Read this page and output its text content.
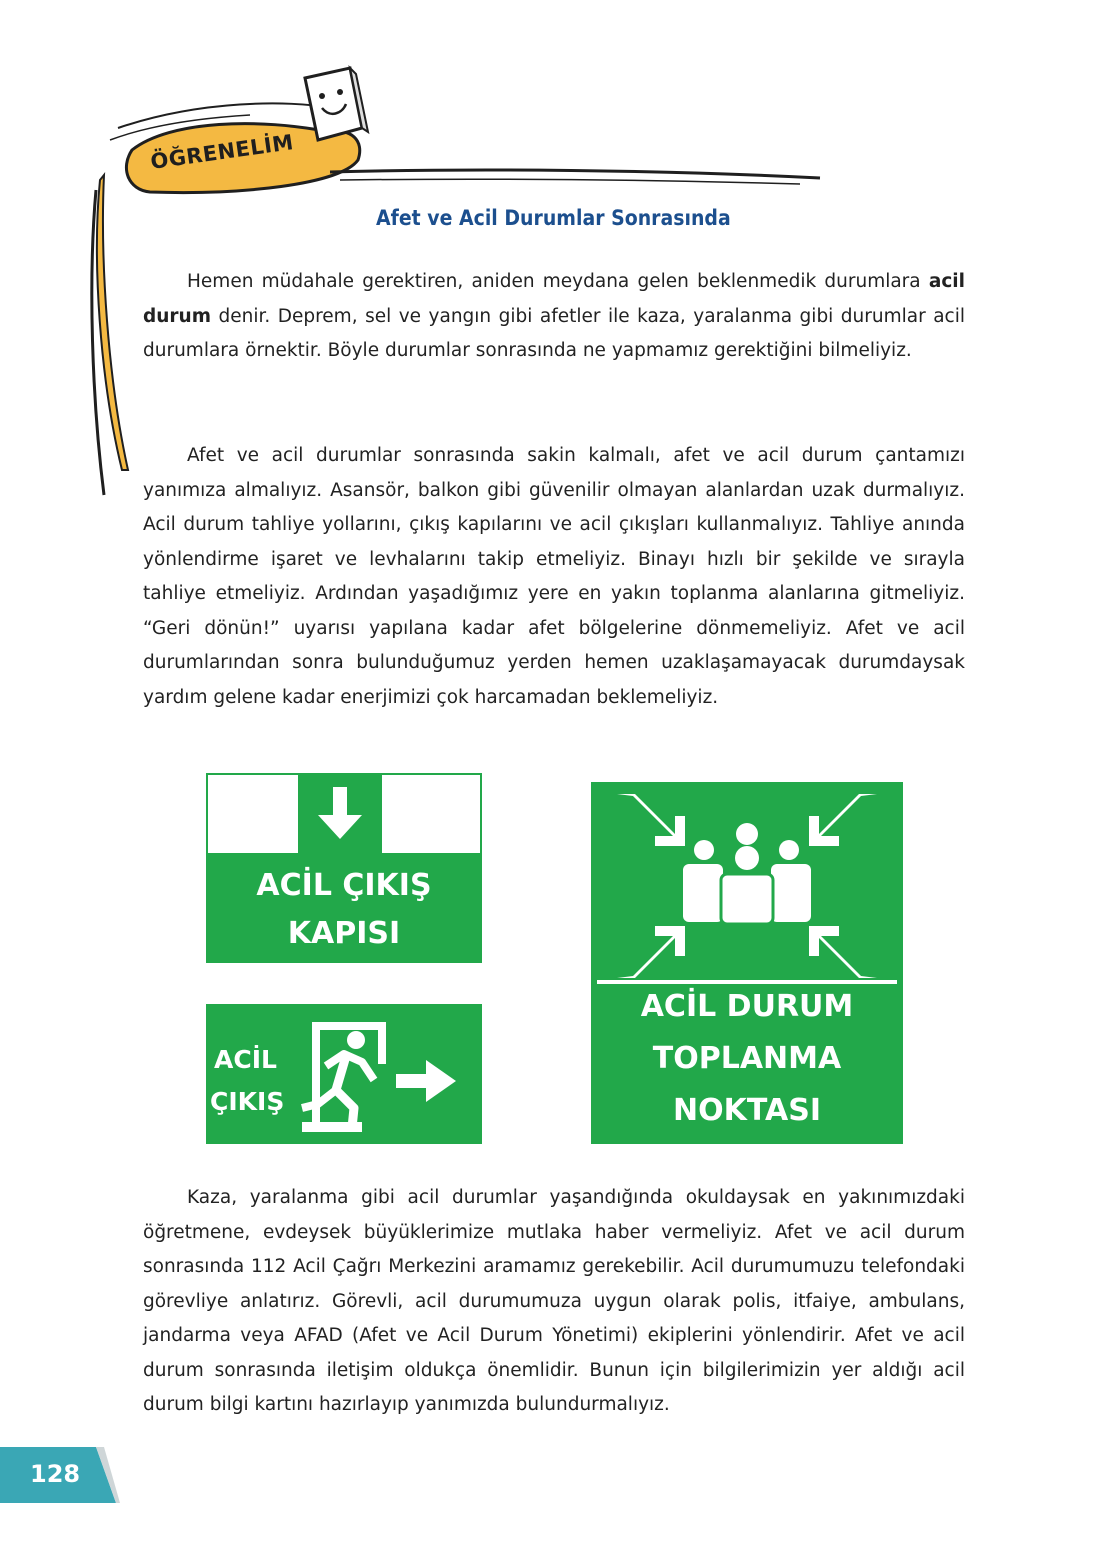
ÖĞRENELİM
Afet ve Acil Durumlar Sonrasında

Hemen müdahale gerektiren, aniden meydana gelen beklenmedik durumlara acil durum denir. Deprem, sel ve yangın gibi afetler ile kaza, yaralanma gibi durumlar acil durumlara örnektir. Böyle durumlar sonrasında ne yapmamız gerektiğini bilmeliyiz.

Afet ve acil durumlar sonrasında sakin kalmalı, afet ve acil durum çantamızı yanımıza almalıyız. Asansör, balkon gibi güvenilir olmayan alanlardan uzak durmalıyız. Acil durum tahliye yollarını, çıkış kapılarını ve acil çıkışları kullanmalıyız. Tahliye anında yönlendirme işaret ve levhalarını takip etmeliyiz. Binayı hızlı bir şekilde ve sırayla tahliye etmeliyiz. Ardından yaşadığımız yere en yakın toplanma alanlarına gitmeliyiz. “Geri dönün!” uyarısı yapılana kadar afet bölgelerine dönmemeliyiz. Afet ve acil durumlarından sonra bulunduğumuz yerden hemen uzaklaşamayacak durumdaysak yardım gelene kadar enerjimizi çok harcamadan beklemeliyiz.

ACİL ÇIKIŞ
KAPISI
ACİL
ÇIKIŞ
ACİL DURUM
TOPLANMA
NOKTASI

Kaza, yaralanma gibi acil durumlar yaşandığında okuldaysak en yakınımızdaki öğretmene, evdeysek büyüklerimize mutlaka haber vermeliyiz. Afet ve acil durum sonrasında 112 Acil Çağrı Merkezini aramamız gerekebilir. Acil durumumuzu telefondaki görevliye anlatırız. Görevli, acil durumumuza uygun olarak polis, itfaiye, ambulans, jandarma veya AFAD (Afet ve Acil Durum Yönetimi) ekiplerini yönlendirir. Afet ve acil durum sonrasında iletişim oldukça önemlidir. Bunun için bilgilerimizin yer aldığı acil durum bilgi kartını hazırlayıp yanımızda bulundurmalıyız.

128
